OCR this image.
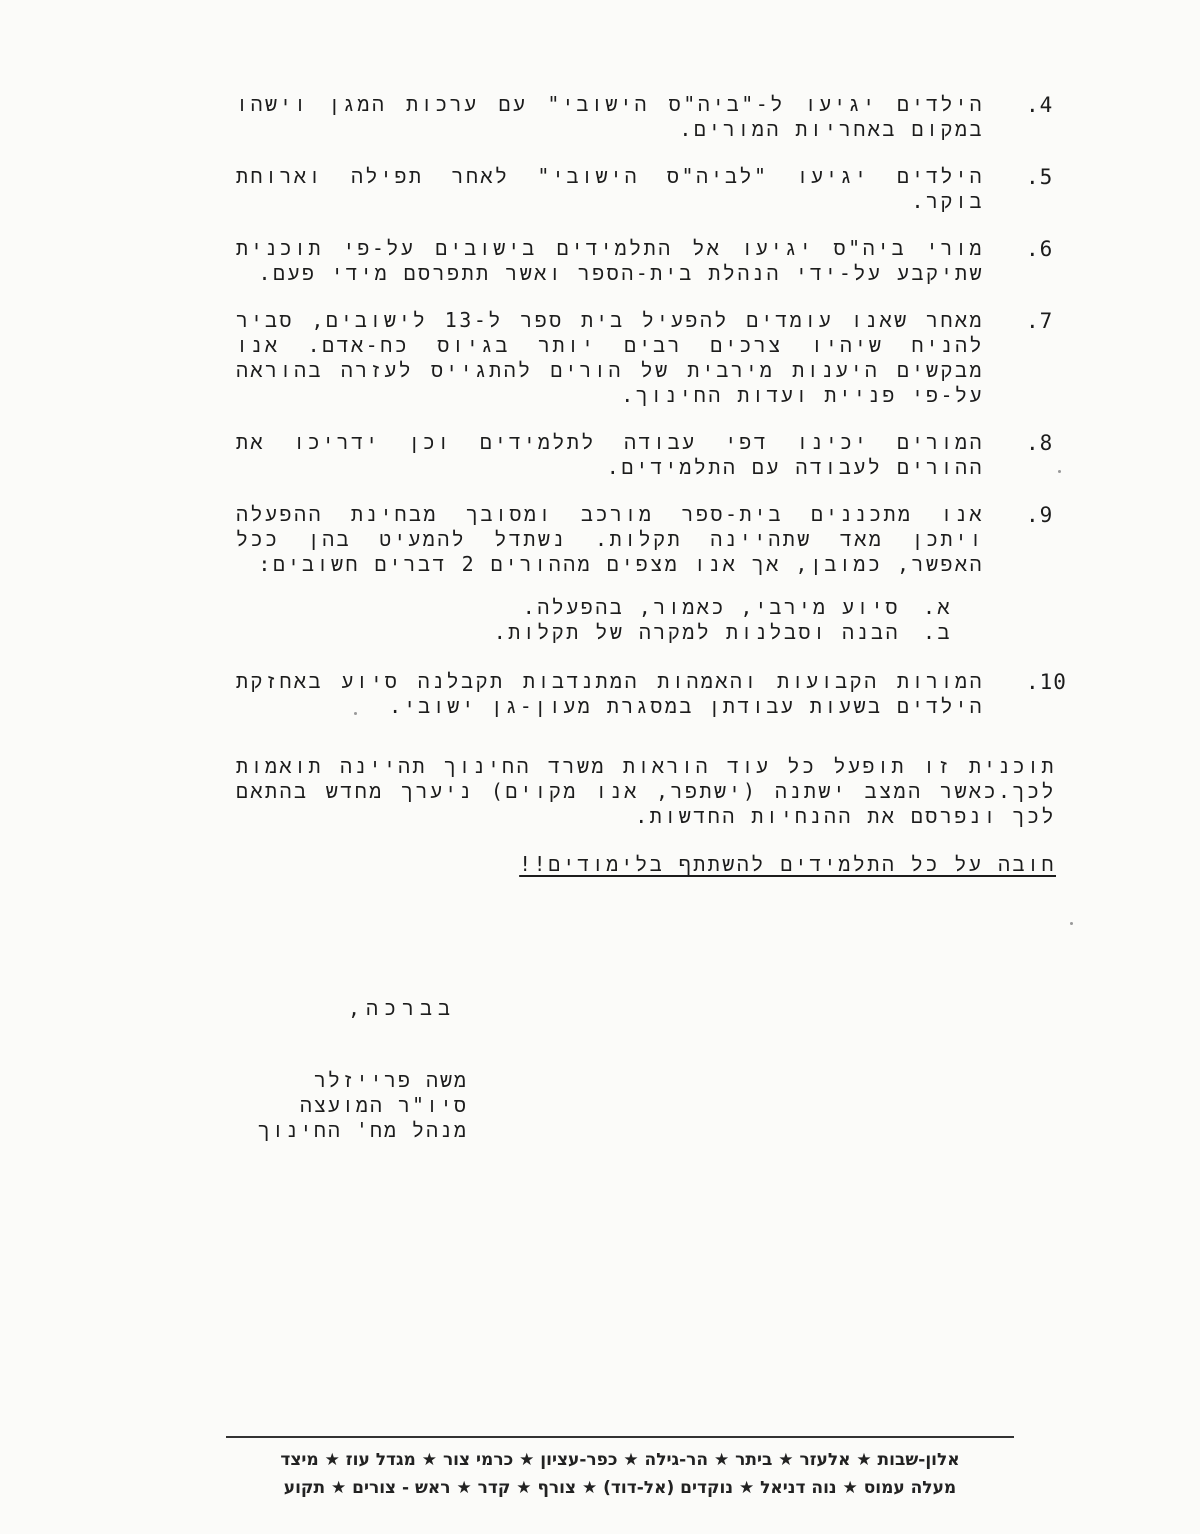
.4
הילדים יגיעו ל-"ביה"ס הישובי" עם ערכות המגן וישהו במקום באחריות המורים.
.5
הילדים יגיעו "לביה"ס הישובי" לאחר תפילה וארוחת בוקר.
.6
מורי ביה"ס יגיעו אל התלמידים בישובים על-פי תוכנית שתיקבע על-ידי הנהלת בית-הספר ואשר תתפרסם מידי פעם.
.7
מאחר שאנו עומדים להפעיל בית ספר ל-13 לישובים, סביר להניח שיהיו צרכים רבים יותר בגיוס כח-אדם. אנו מבקשים היענות מירבית של הורים להתגייס לעזרה בהוראה על-פי פניית ועדות החינוך.
.8
המורים יכינו דפי עבודה לתלמידים וכן ידריכו את ההורים לעבודה עם התלמידים.
.9
אנו מתכננים בית-ספר מורכב ומסובך מבחינת ההפעלה ויתכן מאד שתהיינה תקלות. נשתדל להמעיט בהן ככל האפשר, כמובן, אך אנו מצפים מההורים 2 דברים חשובים:
א.
סיוע מירבי, כאמור, בהפעלה.
ב.
הבנה וסבלנות למקרה של תקלות.
.10
המורות הקבועות והאמהות המתנדבות תקבלנה סיוע באחזקת הילדים בשעות עבודתן במסגרת מעון-גן ישובי.
תוכנית זו תופעל כל עוד הוראות משרד החינוך תהיינה תואמות לכך.כאשר המצב ישתנה (ישתפר, אנו מקוים) ניערך מחדש בהתאם לכך ונפרסם את ההנחיות החדשות.
חובה על כל התלמידים להשתתף בלימודים!!
בברכה,
משה פרייזלר
סיו"ר המועצה
מנהל מח' החינוך
אלון-שבות ★ אלעזר ★ ביתר ★ הר-גילה ★ כפר-עציון ★ כרמי צור ★ מגדל עוז ★ מיצד
מעלה עמוס ★ נוה דניאל ★ נוקדים (אל-דוד) ★ צורף ★ קדר ★ ראש - צורים ★ תקוע
